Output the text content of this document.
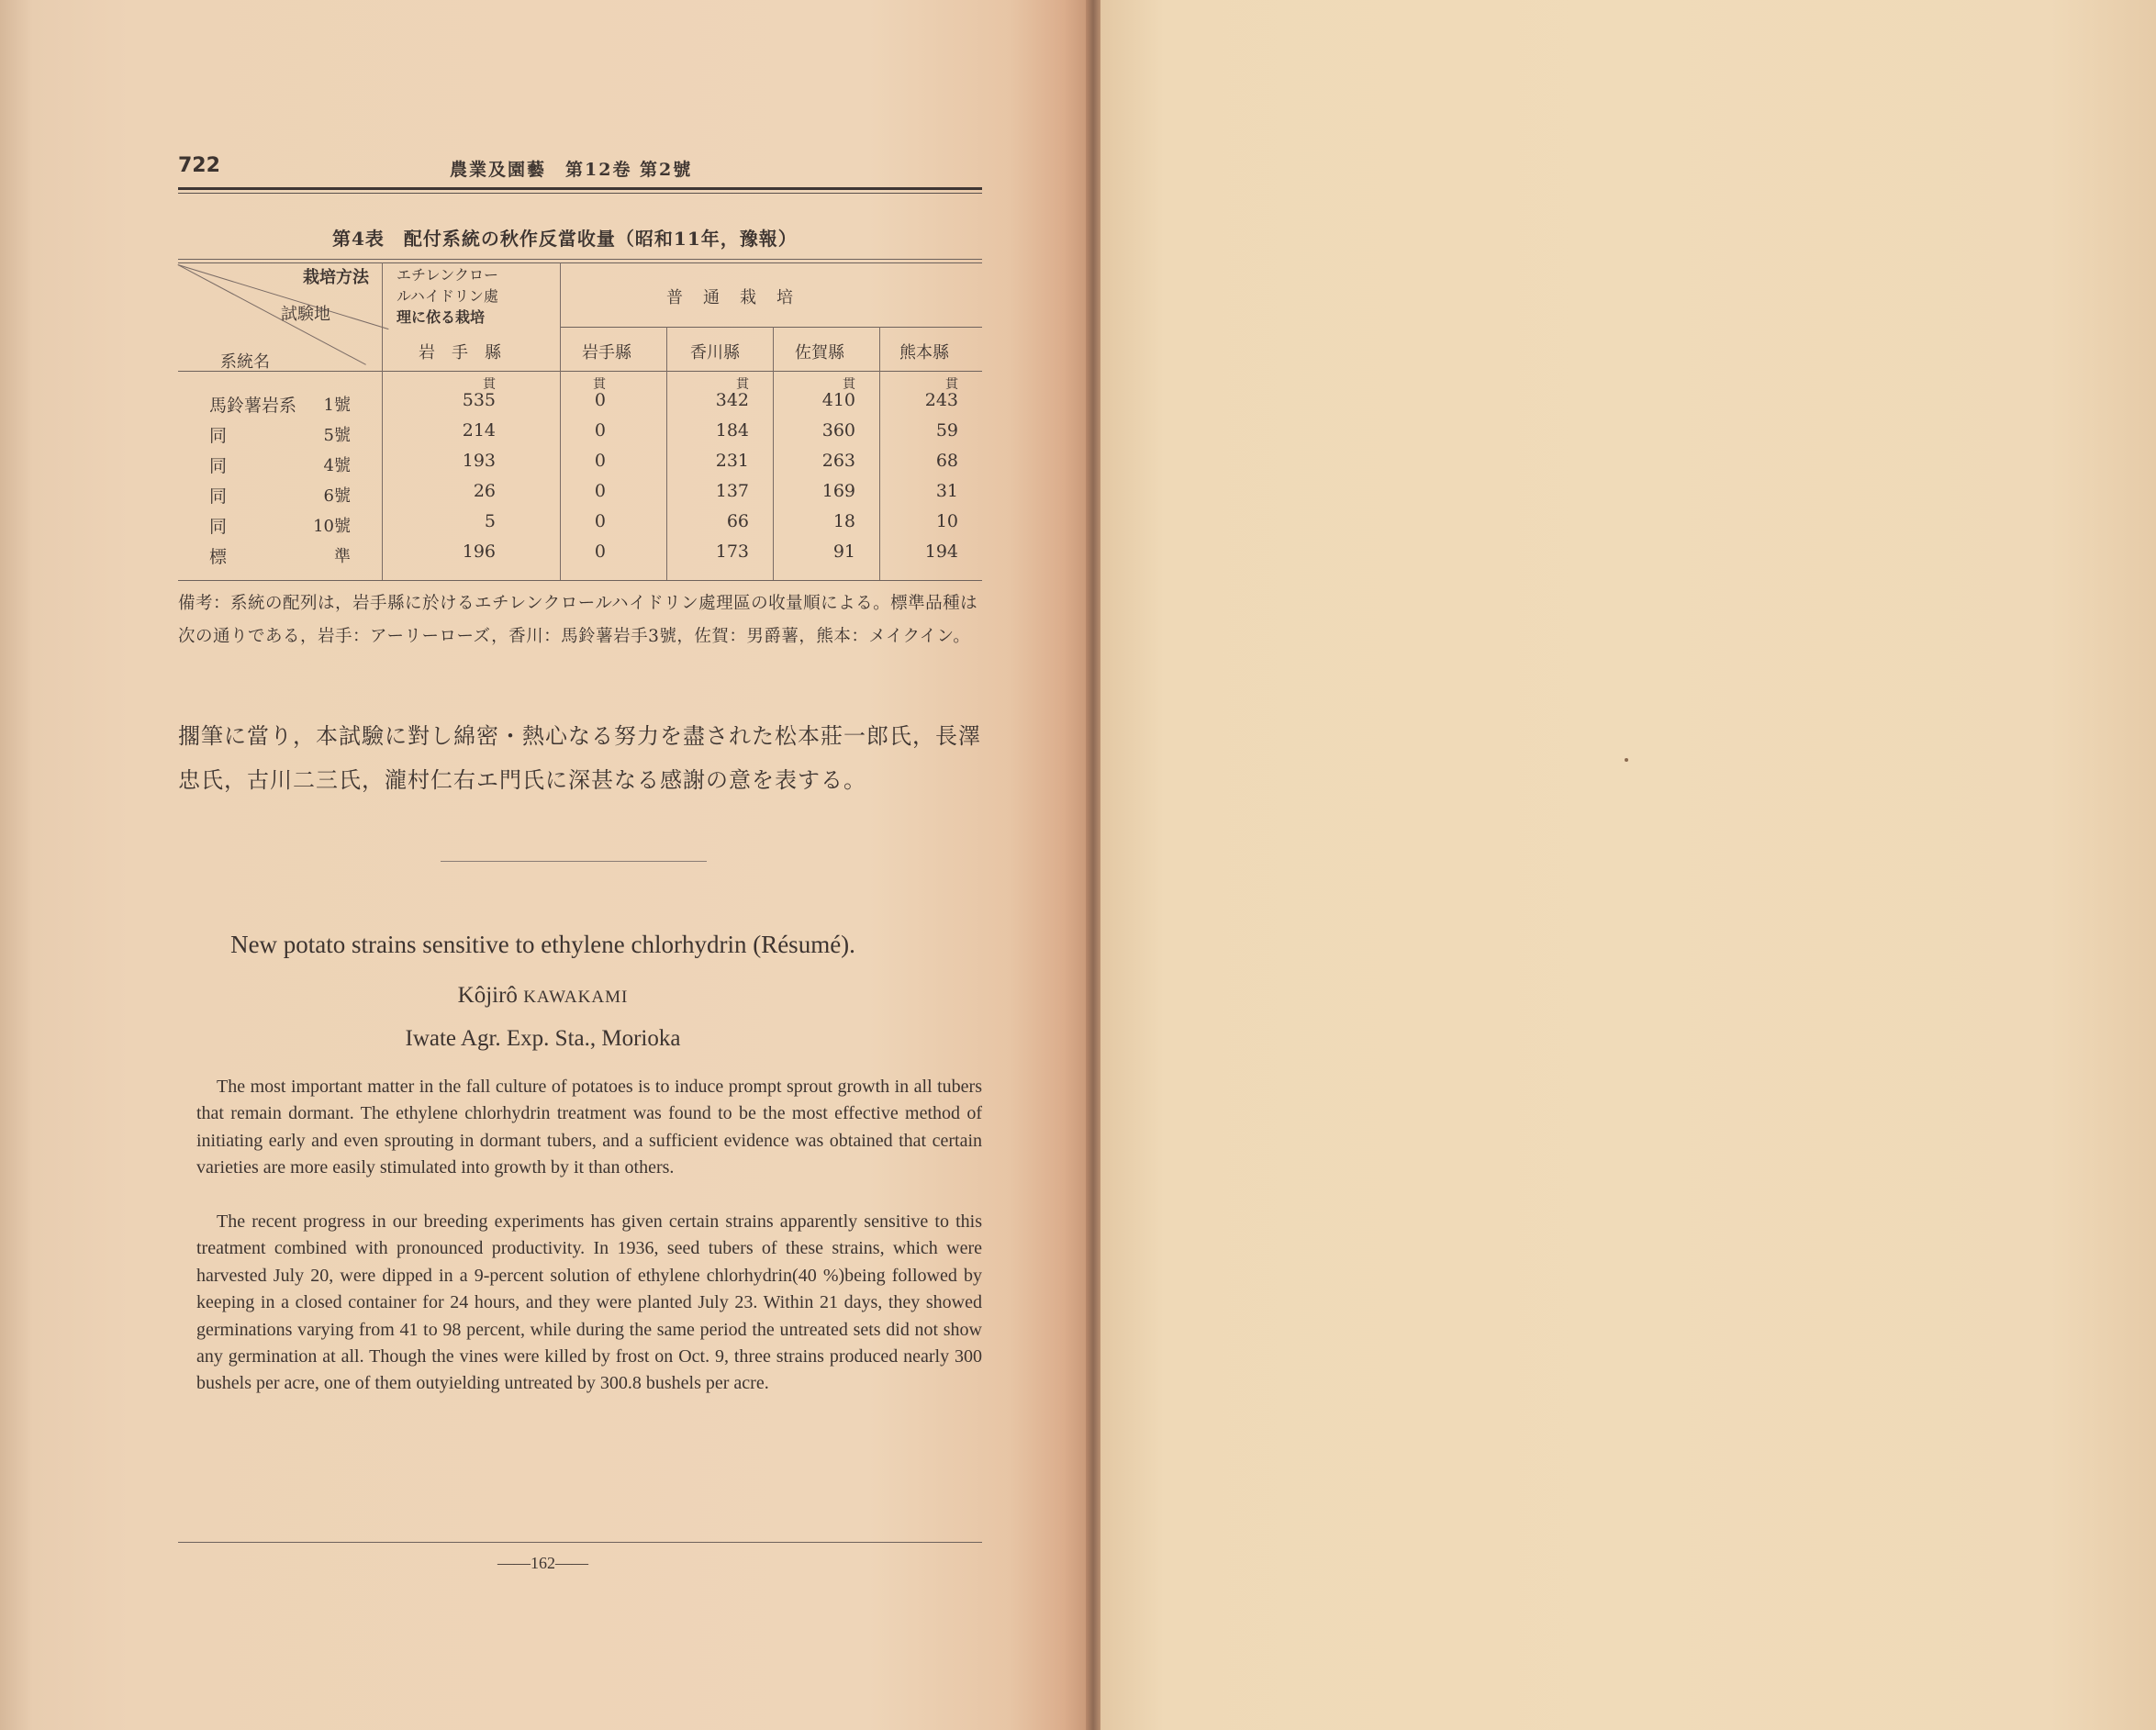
722	農業及園藝　第12卷 第2號
第4表　配付系統の秋作反當收量（昭和11年，豫報）
栽培方法
試験地
系統名
エチレンクロー
ルハイドリン處
理に依る栽培
普　通　栽　培
岩　手　縣	岩手縣	香川縣	佐賀縣	熊本縣
貫	貫	貫	貫	貫
馬鈴薯岩系	1號	535	0	342	410	243
同	5號	214	0	184	360	59
同	4號	193	0	231	263	68
同	6號	26	0	137	169	31
同	10號	5	0	66	18	10
標	準	196	0	173	91	194
備考：系統の配列は，岩手縣に於けるエチレンクロールハイドリン處理區の收量順による。標準品種は次の通りである，岩手：アーリーローズ，香川：馬鈴薯岩手3號，佐賀：男爵薯，熊本：メイクイン。
擱筆に當り，本試驗に對し綿密・熱心なる努力を盡された松本莊一郎氏，長澤忠氏，古川二三氏，瀧村仁右エ門氏に深甚なる感謝の意を表する。
New potato strains sensitive to ethylene chlorhydrin (Résumé).
Kôjirô KAWAKAMI
Iwate Agr. Exp. Sta., Morioka
The most important matter in the fall culture of potatoes is to induce prompt sprout growth in all tubers that remain dormant. The ethylene chlorhydrin treatment was found to be the most effective method of initiating early and even sprouting in dormant tubers, and a sufficient evidence was obtained that certain varieties are more easily stimulated into growth by it than others.
The recent progress in our breeding experiments has given certain strains apparently sensitive to this treatment combined with pronounced productivity. In 1936, seed tubers of these strains, which were harvested July 20, were dipped in a 9-percent solution of ethylene chlorhydrin(40 %)being followed by keeping in a closed container for 24 hours, and they were planted July 23. Within 21 days, they showed germinations varying from 41 to 98 percent, while during the same period the untreated sets did not show any germination at all. Though the vines were killed by frost on Oct. 9, three strains produced nearly 300 bushels per acre, one of them outyielding untreated by 300.8 bushels per acre.
——162——
